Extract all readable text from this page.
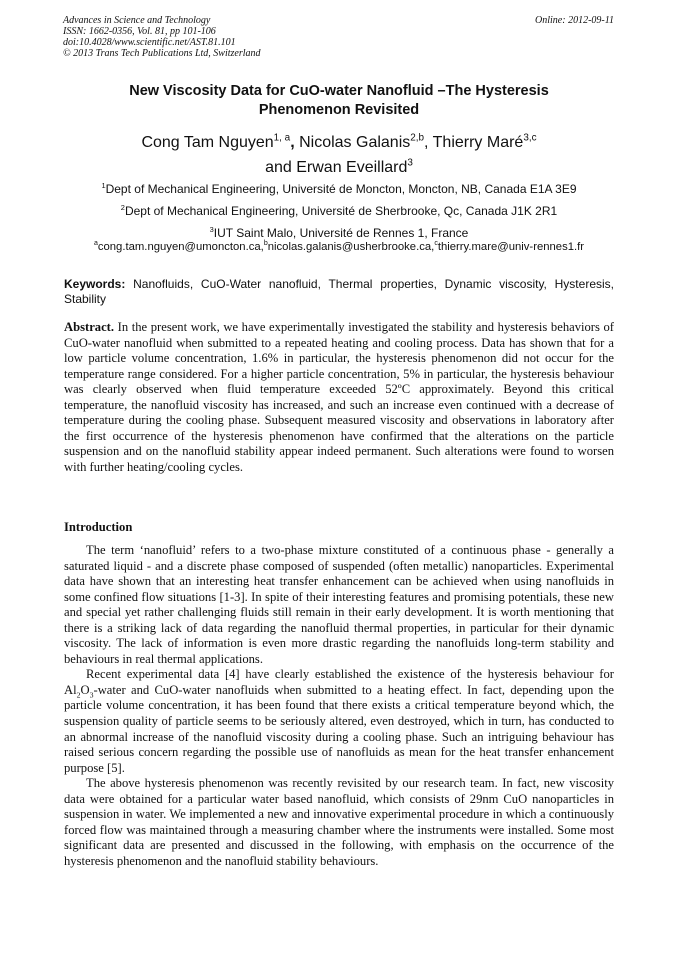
Advances in Science and Technology
ISSN: 1662-0356, Vol. 81, pp 101-106
doi:10.4028/www.scientific.net/AST.81.101
© 2013 Trans Tech Publications Ltd, Switzerland
Online: 2012-09-11
New Viscosity Data for CuO-water Nanofluid –The Hysteresis
Phenomenon Revisited
Cong Tam Nguyen$^{1, a}$, Nicolas Galanis$^{2,b}$, Thierry Maré$^{3,c}$
and Erwan Eveillard$^3$
$^1$Dept of Mechanical Engineering, Université de Moncton, Moncton, NB, Canada E1A 3E9
$^2$Dept of Mechanical Engineering, Université de Sherbrooke, Qc, Canada J1K 2R1
$^3$IUT Saint Malo, Université de Rennes 1, France
$^a$cong.tam.nguyen@umoncton.ca,$^b$nicolas.galanis@usherbrooke.ca,$^c$thierry.mare@univ-rennes1.fr
Keywords: Nanofluids, CuO-Water nanofluid, Thermal properties, Dynamic viscosity, Hysteresis, Stability
Abstract. In the present work, we have experimentally investigated the stability and hysteresis behaviors of CuO-water nanofluid when submitted to a repeated heating and cooling process. Data has shown that for a low particle volume concentration, 1.6% in particular, the hysteresis phenomenon did not occur for the temperature range considered. For a higher particle concentration, 5% in particular, the hysteresis behaviour was clearly observed when fluid temperature exceeded 52ºC approximately. Beyond this critical temperature, the nanofluid viscosity has increased, and such an increase even continued with a decrease of temperature during the cooling phase. Subsequent measured viscosity and observations in laboratory after the first occurrence of the hysteresis phenomenon have confirmed that the alterations on the particle suspension and on the nanofluid stability appear indeed permanent. Such alterations were found to worsen with further heating/cooling cycles.
Introduction

The term ‘nanofluid’ refers to a two-phase mixture constituted of a continuous phase - generally a saturated liquid - and a discrete phase composed of suspended (often metallic) nanoparticles. Experimental data have shown that an interesting heat transfer enhancement can be achieved when using nanofluids in some confined flow situations [1-3]. In spite of their interesting features and promising potentials, these new and special yet rather challenging fluids still remain in their early development. It is worth mentioning that there is a striking lack of data regarding the nanofluid thermal properties, in particular for their dynamic viscosity. The lack of information is even more drastic regarding the nanofluids long-term stability and behaviours in real thermal applications.

Recent experimental data [4] have clearly established the existence of the hysteresis behaviour for $Al_2O_3$-water and CuO-water nanofluids when submitted to a heating effect. In fact, depending upon the particle volume concentration, it has been found that there exists a critical temperature beyond which, the suspension quality of particle seems to be seriously altered, even destroyed, which in turn, has conducted to an abnormal increase of the nanofluid viscosity during a cooling phase. Such an intriguing behaviour has raised serious concern regarding the possible use of nanofluids as mean for the heat transfer enhancement purpose [5].

The above hysteresis phenomenon was recently revisited by our research team. In fact, new viscosity data were obtained for a particular water based nanofluid, which consists of 29nm CuO nanoparticles in suspension in water. We implemented a new and innovative experimental procedure in which a continuously forced flow was maintained through a measuring chamber where the instruments were installed. Some most significant data are presented and discussed in the following, with emphasis on the occurrence of the hysteresis phenomenon and the nanofluid stability behaviours.
